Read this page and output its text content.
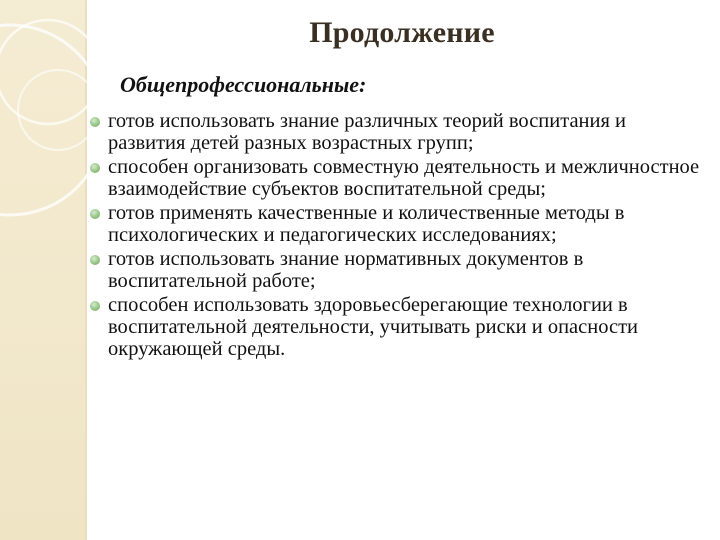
Продолжение

Общепрофессиональные:

готов использовать знание различных теорий воспитания и развития детей разных возрастных групп;
способен организовать совместную деятельность и межличностное взаимодействие субъектов воспитательной среды;
готов применять качественные и количественные методы в психологических и педагогических исследованиях;
готов использовать знание нормативных документов в воспитательной работе;
способен использовать здоровьесберегающие технологии в воспитательной деятельности, учитывать риски и опасности окружающей среды.
